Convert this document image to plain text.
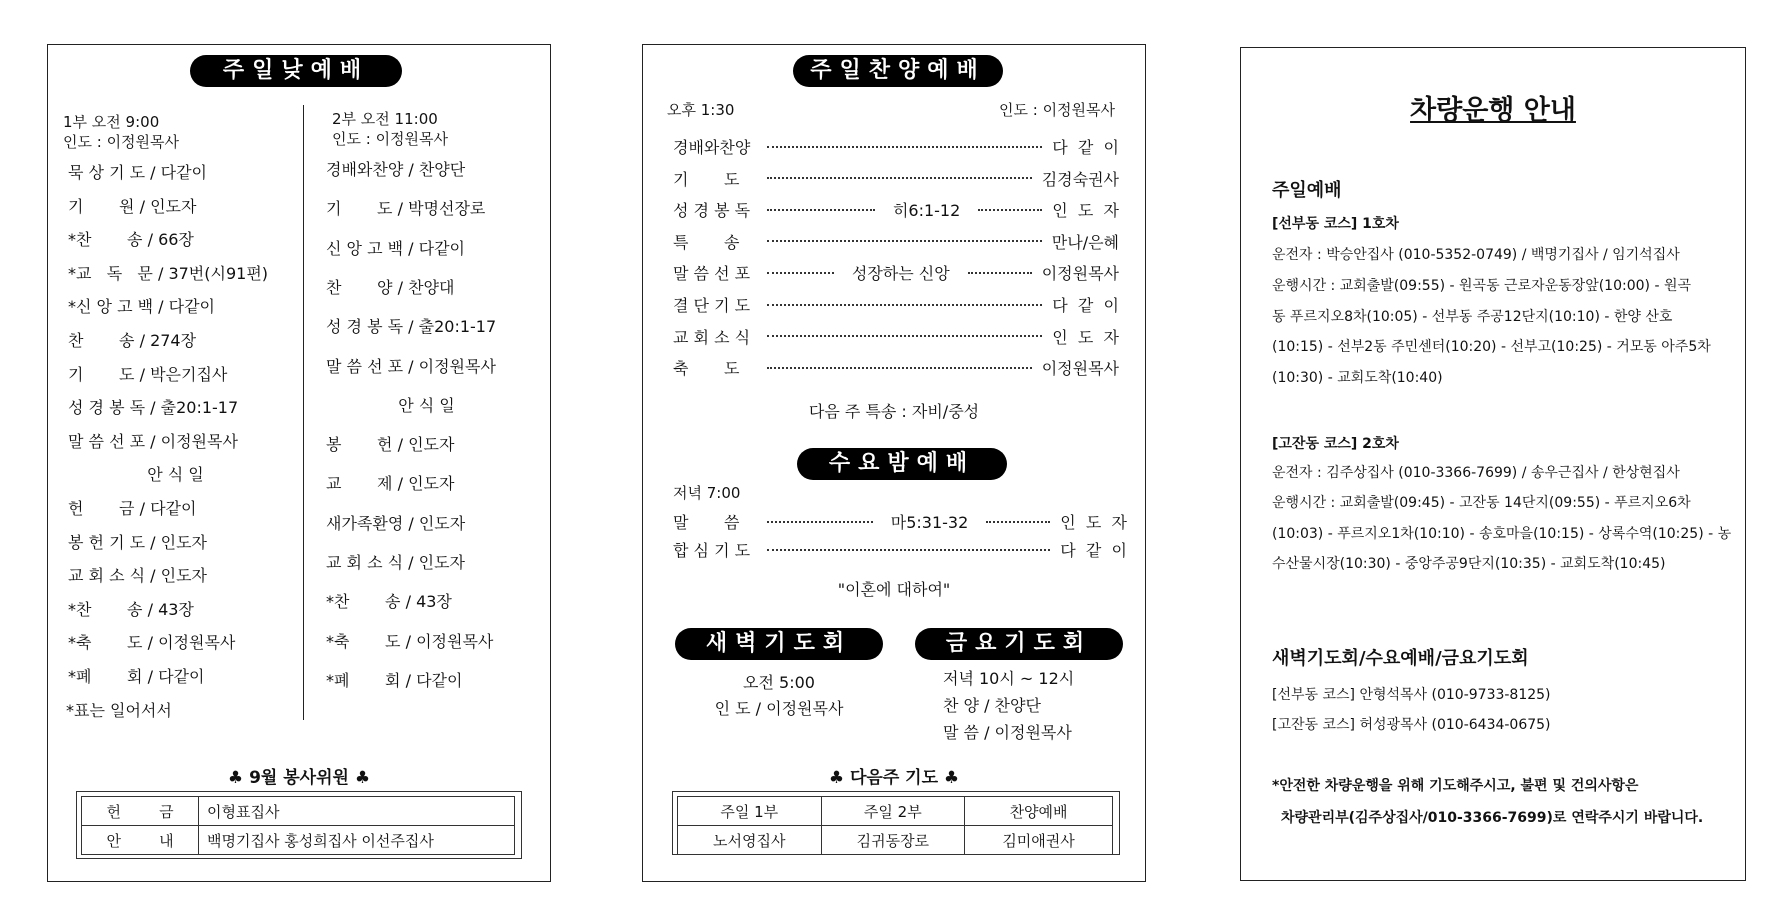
주일낮예배
1부 오전 9:00
인도 : 이정원목사
2부 오전 11:00
인도 : 이정원목사
묵 상 기 도 / 다같이
기       원 / 인도자
*찬       송 / 66장
*교   독   문 / 37번(시91편)
*신 앙 고 백 / 다같이
찬       송 / 274장
기       도 / 박은기집사
성 경 봉 독 / 출20:1-17
말 씀 선 포 / 이정원목사
안 식 일
헌       금 / 다같이
봉 헌 기 도 / 인도자
교 회 소 식 / 인도자
*찬       송 / 43장
*축       도 / 이정원목사
*폐       회 / 다같이
*표는 일어서서
경배와찬양 / 찬양단
기       도 / 박명선장로
신 앙 고 백 / 다같이
찬       양 / 찬양대
성 경 봉 독 / 출20:1-17
말 씀 선 포 / 이정원목사
안 식 일
봉       헌 / 인도자
교       제 / 인도자
새가족환영 / 인도자
교 회 소 식 / 인도자
*찬       송 / 43장
*축       도 / 이정원목사
*폐       회 / 다같이
♣ 9월 봉사위원 ♣
헌        금	이형표집사
안        내	백명기집사 홍성희집사 이선주집사
주일찬양예배
오후 1:30	인도 : 이정원목사
경배와찬양	다  같  이
기       도	김경숙권사
성 경 봉 독	히6:1-12	인  도  자
특       송	만나/은혜
말 씀 선 포	성장하는 신앙	이정원목사
결 단 기 도	다  같  이
교 회 소 식	인  도  자
축       도	이정원목사
다음 주 특송 : 자비/중성
수요밤예배
저녁 7:00
말       씀	마5:31-32	인  도  자
합 심 기 도	다  같  이
"이혼에 대하여"
새벽기도회	금요기도회
오전 5:00
인 도 / 이정원목사
저녁 10시 ~ 12시
찬 양 / 찬양단
말 씀 / 이정원목사
♣ 다음주 기도 ♣
주일 1부	주일 2부	찬양예배
노서영집사	김귀동장로	김미애권사
차량운행 안내
주일예배
[선부동 코스] 1호차
운전자 : 박승안집사 (010-5352-0749) / 백명기집사 / 임기석집사
운행시간 : 교회출발(09:55) - 원곡동 근로자운동장앞(10:00) - 원곡
동 푸르지오8차(10:05) - 선부동 주공12단지(10:10) - 한양 산호
(10:15) - 선부2동 주민센터(10:20) - 선부고(10:25) - 거모동 아주5차
(10:30) - 교회도착(10:40)
[고잔동 코스] 2호차
운전자 : 김주상집사 (010-3366-7699) / 송우근집사 / 한상현집사
운행시간 : 교회출발(09:45) - 고잔동 14단지(09:55) - 푸르지오6차
(10:03) - 푸르지오1차(10:10) - 송호마을(10:15) - 상록수역(10:25) - 농
수산물시장(10:30) - 중앙주공9단지(10:35) - 교회도착(10:45)
새벽기도회/수요예배/금요기도회
[선부동 코스] 안형석목사 (010-9733-8125)
[고잔동 코스] 허성광목사 (010-6434-0675)
*안전한 차량운행을 위해 기도해주시고, 불편 및 건의사항은
차량관리부(김주상집사/010-3366-7699)로 연락주시기 바랍니다.
